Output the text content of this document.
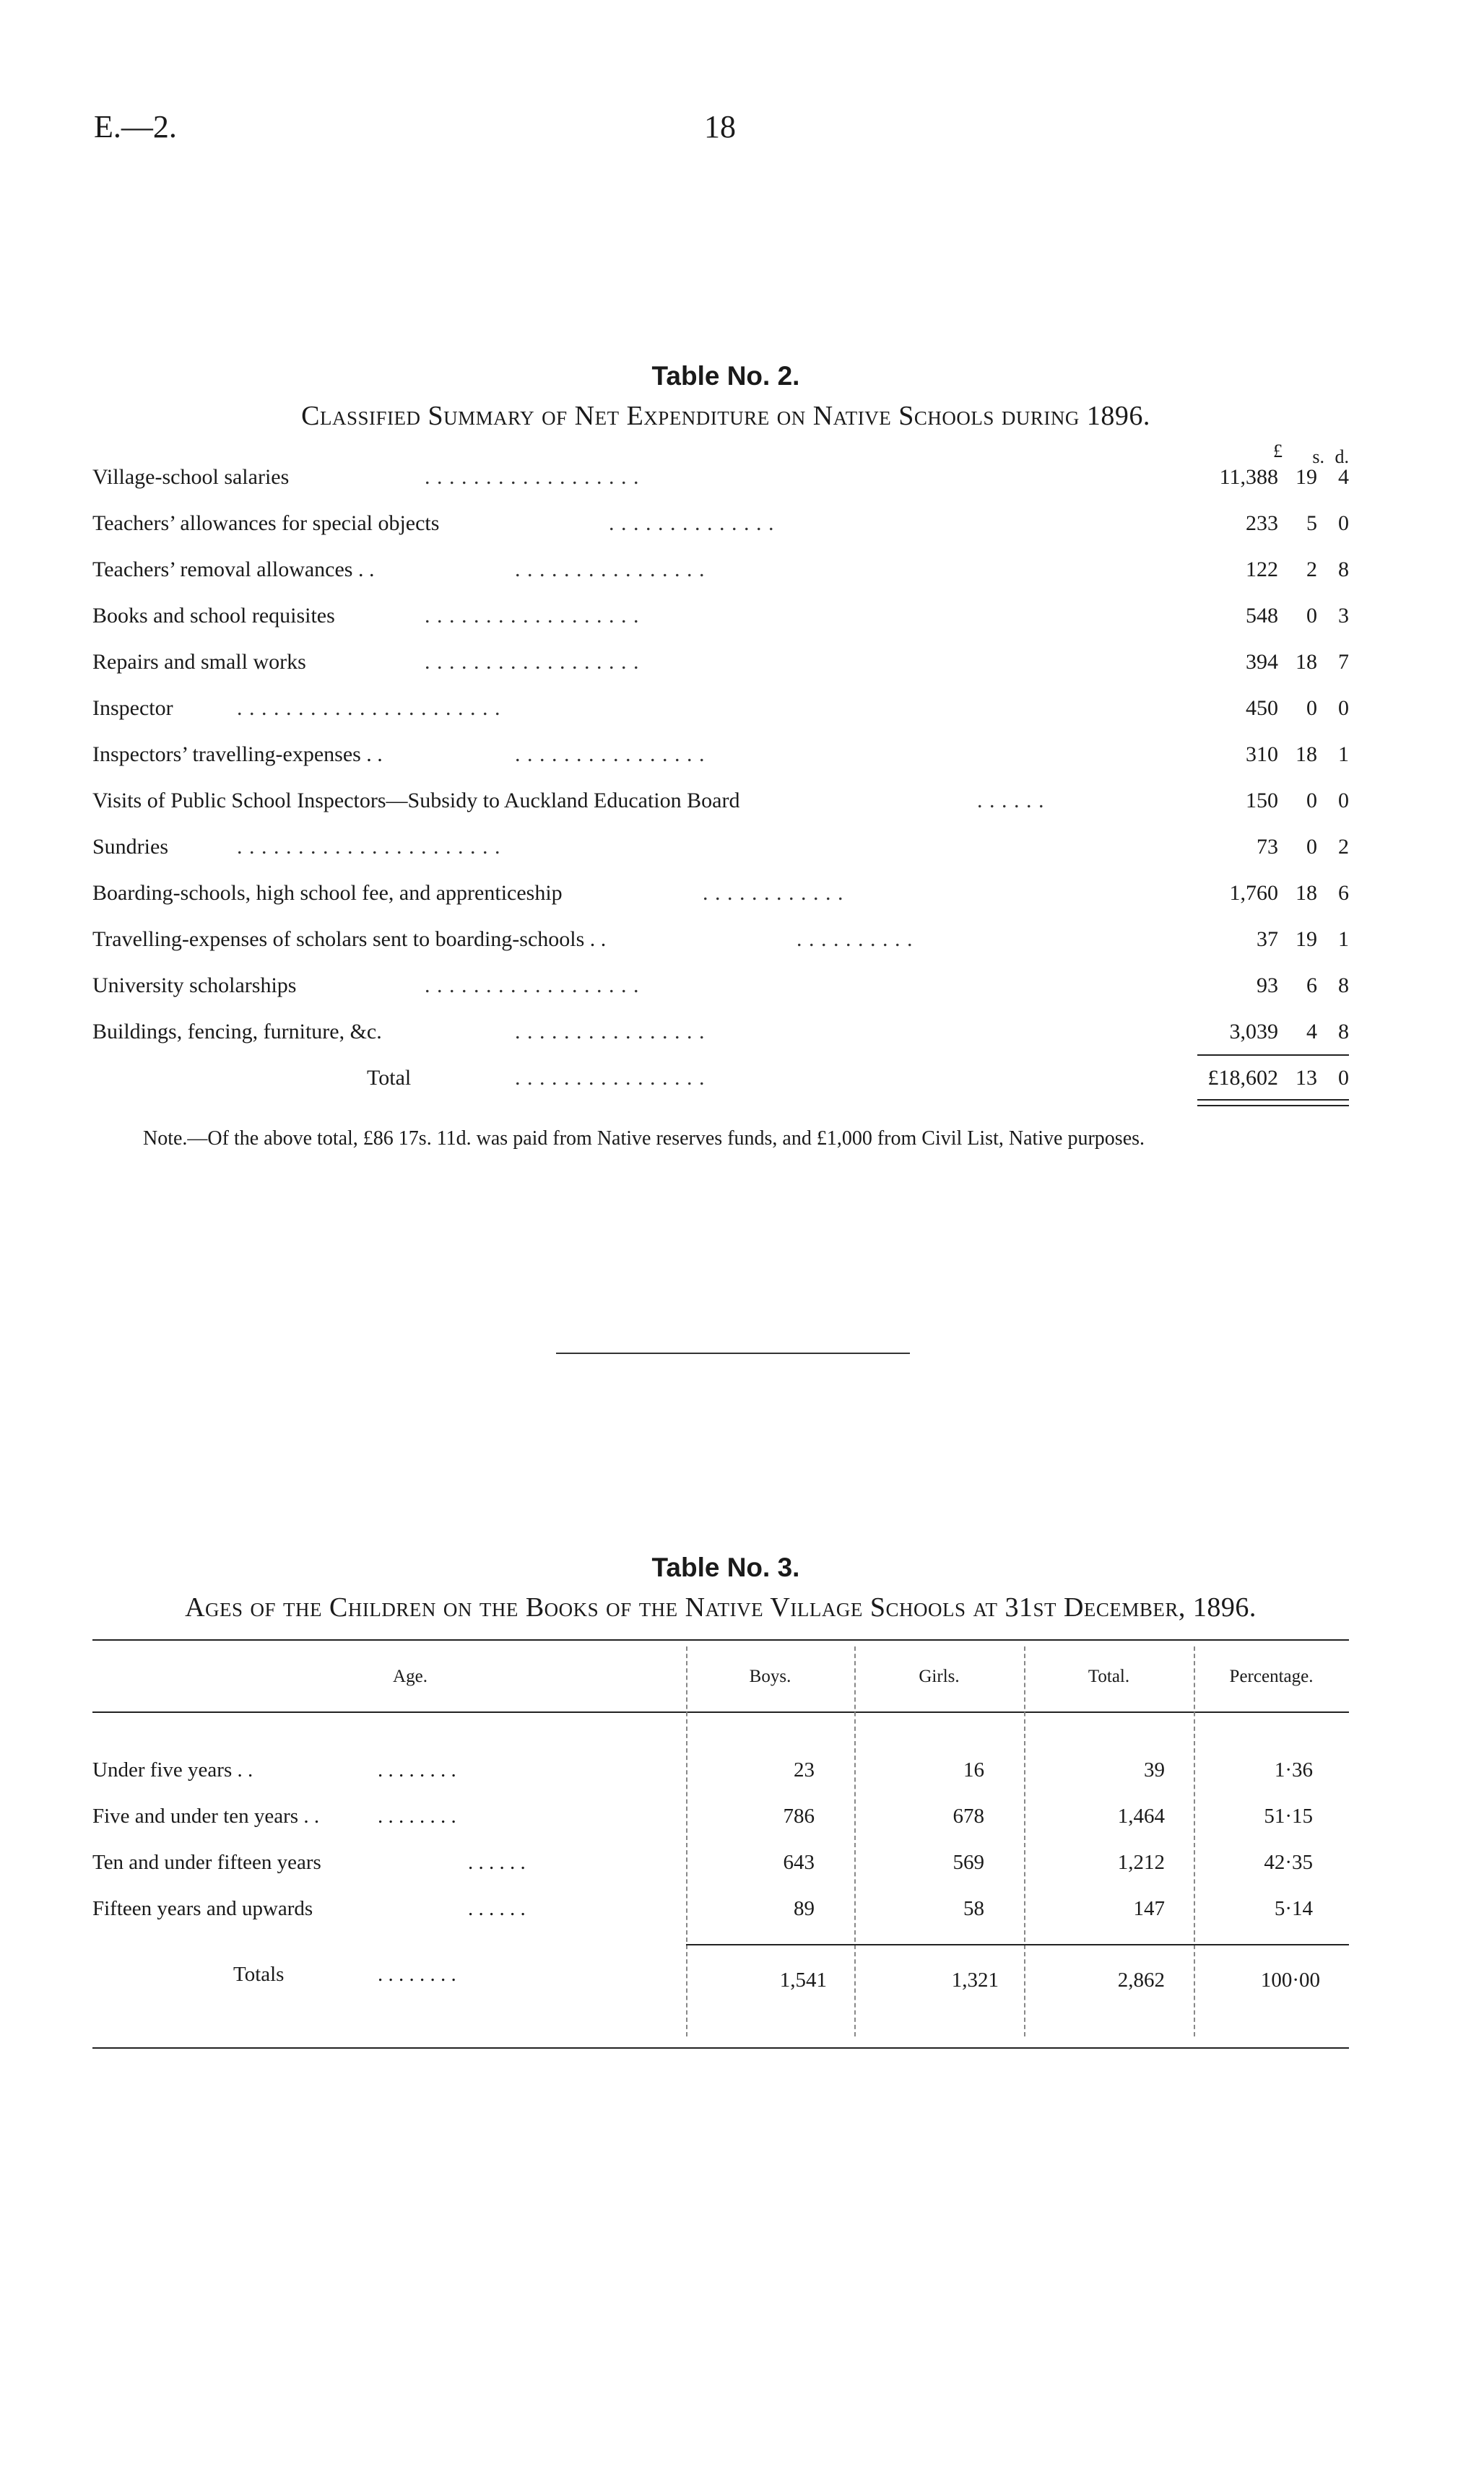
E.—2.	18
Table No. 2.
Classified Summary of Net Expenditure on Native Schools during 1896.
£ s. d.
Village-school salaries	. . . . . . . . . . . . . . . . . .	11,388 19 4
Teachers’ allowances for special objects	. . . . . . . . . . . . . .	233	5 0
Teachers’ removal allowances . .	. . . . . . . . . . . . . . . .	122	2 8
Books and school requisites	. . . . . . . . . . . . . . . . . .	548	0 3
Repairs and small works	. . . . . . . . . . . . . . . . . .	394 18 7
Inspector	. . . . . . . . . . . . . . . . . . . . . .	450	0 0
Inspectors’ travelling-expenses . .	. . . . . . . . . . . . . . . .	310 18 1
Visits of Public School Inspectors—Subsidy to Auckland Education Board	. . . . . .	150	0 0
Sundries	. . . . . . . . . . . . . . . . . . . . . .	73	0 2
Boarding-schools, high school fee, and apprenticeship	. . . . . . . . . . . .	1,760 18 6
Travelling-expenses of scholars sent to boarding-schools . .	. . . . . . . . . .	37 19 1
University scholarships	. . . . . . . . . . . . . . . . . .	93	6 8
Buildings, fencing, furniture, &c.	. . . . . . . . . . . . . . . .	3,039	4 8
Total	. . . . . . . . . . . . . . . .	£18,602 13 0
Note.—Of the above total, £86 17s. 11d. was paid from Native reserves funds, and £1,000 from Civil List, Native purposes.
Table No. 3.
Ages of the Children on the Books of the Native Village Schools at 31st December, 1896.
Age.	Boys.	Girls.	Total.	Percentage.
Under five years . .	. . . . . . . .	23	16	39	1·36
Five and under ten years . .	. . . . . . . .	786	678	1,464	51·15
Ten and under fifteen years	. . . . . .	643	569	1,212	42·35
Fifteen years and upwards	. . . . . .	89	58	147	5·14
Totals	. . . . . . . .	1,541	1,321	2,862	100·00
